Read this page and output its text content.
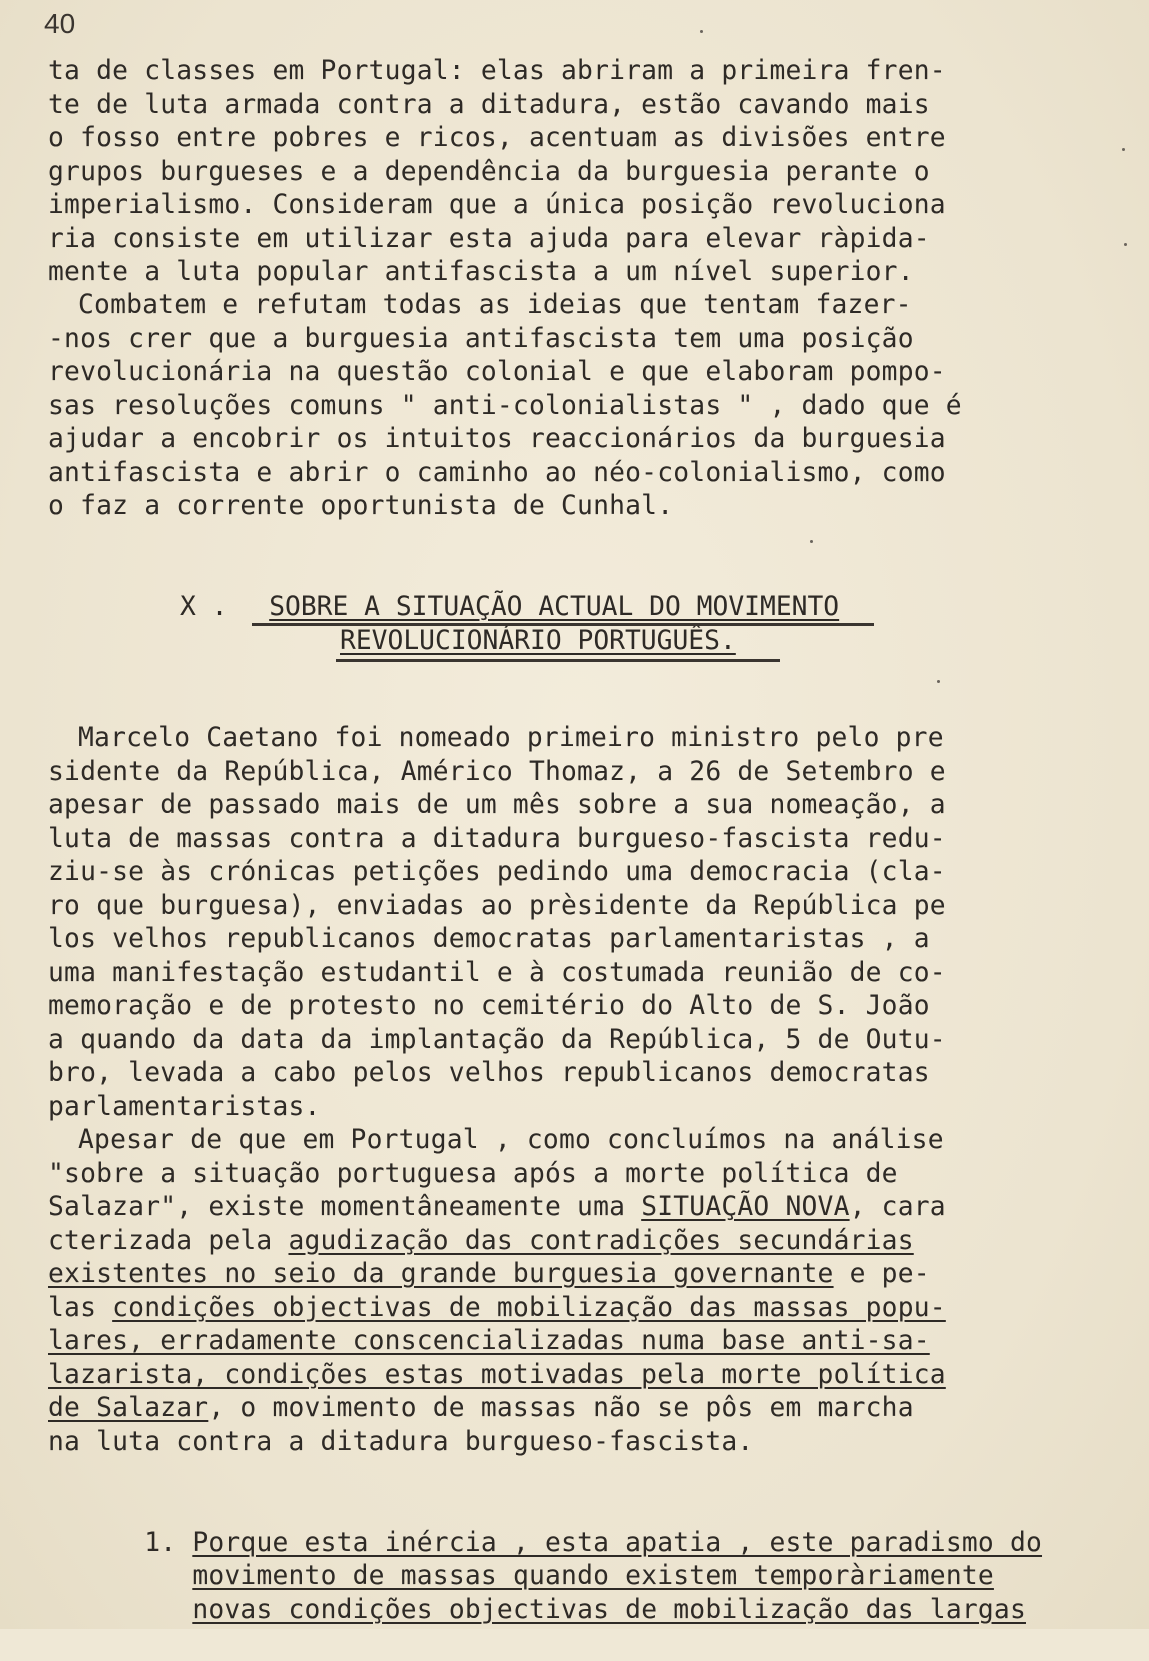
40
ta de classes em Portugal: elas abriram a primeira fren-
te de luta armada contra a ditadura, estão cavando mais
o fosso entre pobres e ricos, acentuam as divisões entre
grupos burgueses e a dependência da burguesia perante o
imperialismo. Consideram que a única posição revoluciona
ria consiste em utilizar esta ajuda para elevar ràpida-
mente a luta popular antifascista a um nível superior.
Combatem e refutam todas as ideias que tentam fazer-
-nos crer que a burguesia antifascista tem uma posição
revolucionária na questão colonial e que elaboram pompo-
sas resoluções comuns " anti-colonialistas " , dado que é
ajudar a encobrir os intuitos reaccionários da burguesia
antifascista e abrir o caminho ao néo-colonialismo, como
o faz a corrente oportunista de Cunhal.
X . SOBRE A SITUAÇÃO ACTUAL DO MOVIMENTO
REVOLUCIONÁRIO PORTUGUÊS.
Marcelo Caetano foi nomeado primeiro ministro pelo pre
sidente da República, Américo Thomaz, a 26 de Setembro e
apesar de passado mais de um mês sobre a sua nomeação, a
luta de massas contra a ditadura burgueso-fascista redu-
ziu-se às crónicas petições pedindo uma democracia (cla-
ro que burguesa), enviadas ao prèsidente da República pe
los velhos republicanos democratas parlamentaristas , a
uma manifestação estudantil e à costumada reunião de co-
memoração e de protesto no cemitério do Alto de S. João
a quando da data da implantação da República, 5 de Outu-
bro, levada a cabo pelos velhos republicanos democratas
parlamentaristas.
Apesar de que em Portugal , como concluímos na análise
"sobre a situação portuguesa após a morte política de
Salazar", existe momentâneamente uma SITUAÇÃO NOVA, cara
cterizada pela agudização das contradições secundárias
existentes no seio da grande burguesia governante e pe-
las condições objectivas de mobilização das massas popu-
lares, erradamente conscencializadas numa base anti-sa-
lazarista, condições estas motivadas pela morte política
de Salazar, o movimento de massas não se pôs em marcha
na luta contra a ditadura burgueso-fascista.

1. Porque esta inércia , esta apatia , este paradismo do

movimento de massas quando existem temporàriamente

novas condições objectivas de mobilização das largas
